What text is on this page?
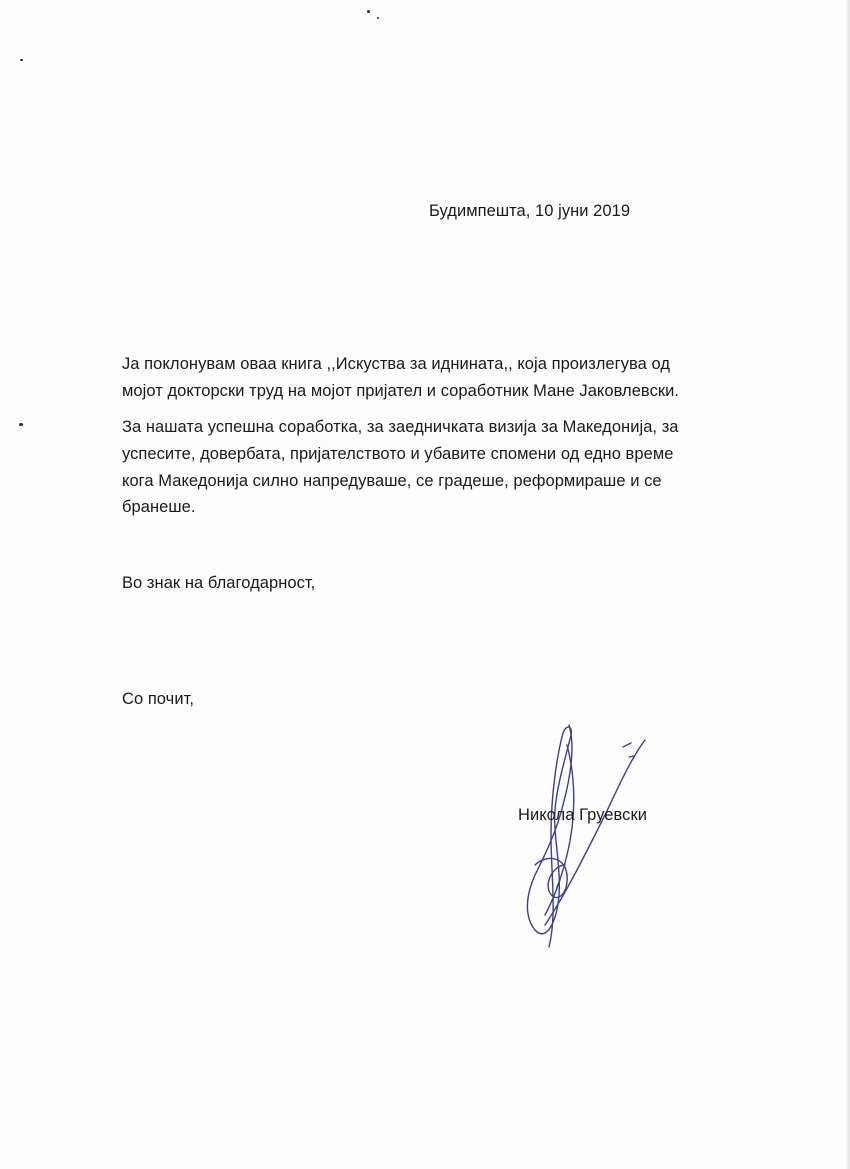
Будимпешта, 10 јуни 2019
Ја поклонувам оваа книга ,,Искуства за иднината,, која произлегува од
мојот докторски труд на мојот пријател и соработник Мане Јаковлевски.
За нашата успешна соработка, за заедничката визија за Македонија, за
успесите, довербата, пријателството и убавите спомени од едно време
кога Македонија силно напредуваше, се градеше, реформираше и се
бранеше.
Во знак на благодарност,
Со почит,
Никола Груевски
